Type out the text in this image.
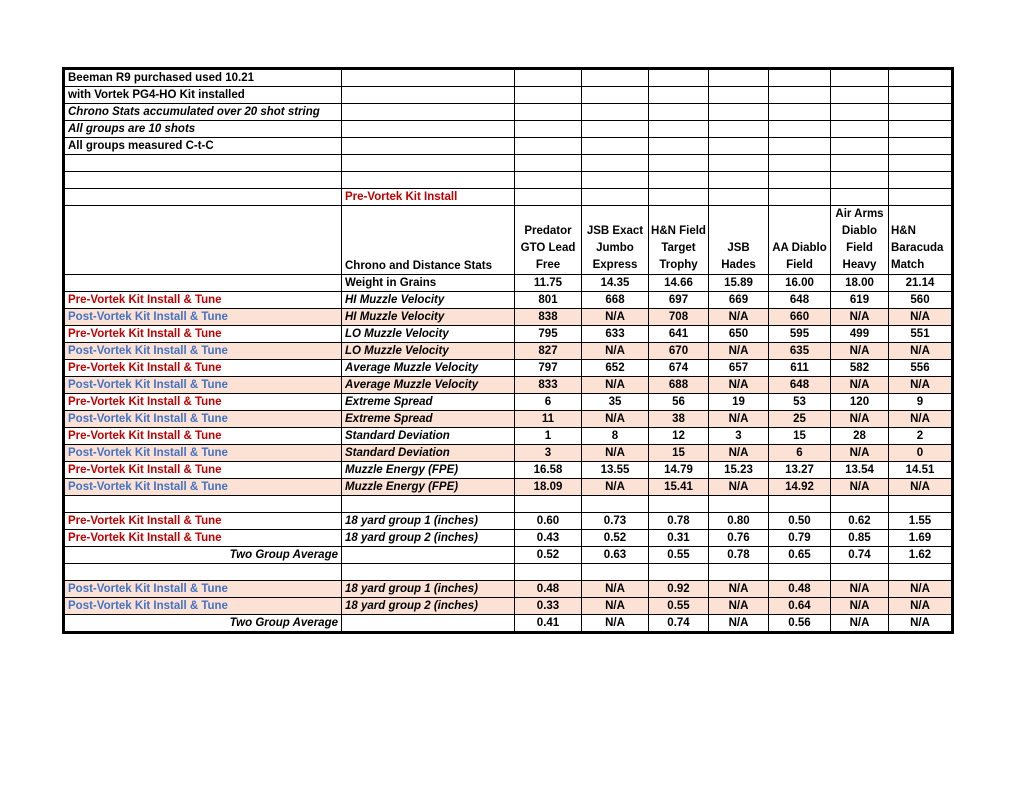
Beeman R9 purchased used 10.21								
with Vortek PG4-HO Kit installed								
Chrono Stats accumulated over 20 shot string								
All groups are 10 shots								
All groups measured C-t-C								

	Pre-Vortek Kit Install							
	Chrono and Distance Stats	Predator GTO Lead Free	JSB Exact Jumbo Express	H&N Field Target Trophy	JSB Hades	AA Diablo Field	Air Arms Diablo Field Heavy	H&N Baracuda Match
	Weight in Grains	11.75	14.35	14.66	15.89	16.00	18.00	21.14
Pre-Vortek Kit Install & Tune	HI Muzzle Velocity	801	668	697	669	648	619	560
Post-Vortek Kit Install & Tune	HI Muzzle Velocity	838	N/A	708	N/A	660	N/A	N/A
Pre-Vortek Kit Install & Tune	LO Muzzle Velocity	795	633	641	650	595	499	551
Post-Vortek Kit Install & Tune	LO Muzzle Velocity	827	N/A	670	N/A	635	N/A	N/A
Pre-Vortek Kit Install & Tune	Average Muzzle Velocity	797	652	674	657	611	582	556
Post-Vortek Kit Install & Tune	Average Muzzle Velocity	833	N/A	688	N/A	648	N/A	N/A
Pre-Vortek Kit Install & Tune	Extreme Spread	6	35	56	19	53	120	9
Post-Vortek Kit Install & Tune	Extreme Spread	11	N/A	38	N/A	25	N/A	N/A
Pre-Vortek Kit Install & Tune	Standard Deviation	1	8	12	3	15	28	2
Post-Vortek Kit Install & Tune	Standard Deviation	3	N/A	15	N/A	6	N/A	0
Pre-Vortek Kit Install & Tune	Muzzle Energy (FPE)	16.58	13.55	14.79	15.23	13.27	13.54	14.51
Post-Vortek Kit Install & Tune	Muzzle Energy (FPE)	18.09	N/A	15.41	N/A	14.92	N/A	N/A

Pre-Vortek Kit Install & Tune	18 yard group 1 (inches)	0.60	0.73	0.78	0.80	0.50	0.62	1.55
Pre-Vortek Kit Install & Tune	18 yard group 2 (inches)	0.43	0.52	0.31	0.76	0.79	0.85	1.69
Two Group Average		0.52	0.63	0.55	0.78	0.65	0.74	1.62

Post-Vortek Kit Install & Tune	18 yard group 1 (inches)	0.48	N/A	0.92	N/A	0.48	N/A	N/A
Post-Vortek Kit Install & Tune	18 yard group 2 (inches)	0.33	N/A	0.55	N/A	0.64	N/A	N/A
Two Group Average		0.41	N/A	0.74	N/A	0.56	N/A	N/A
